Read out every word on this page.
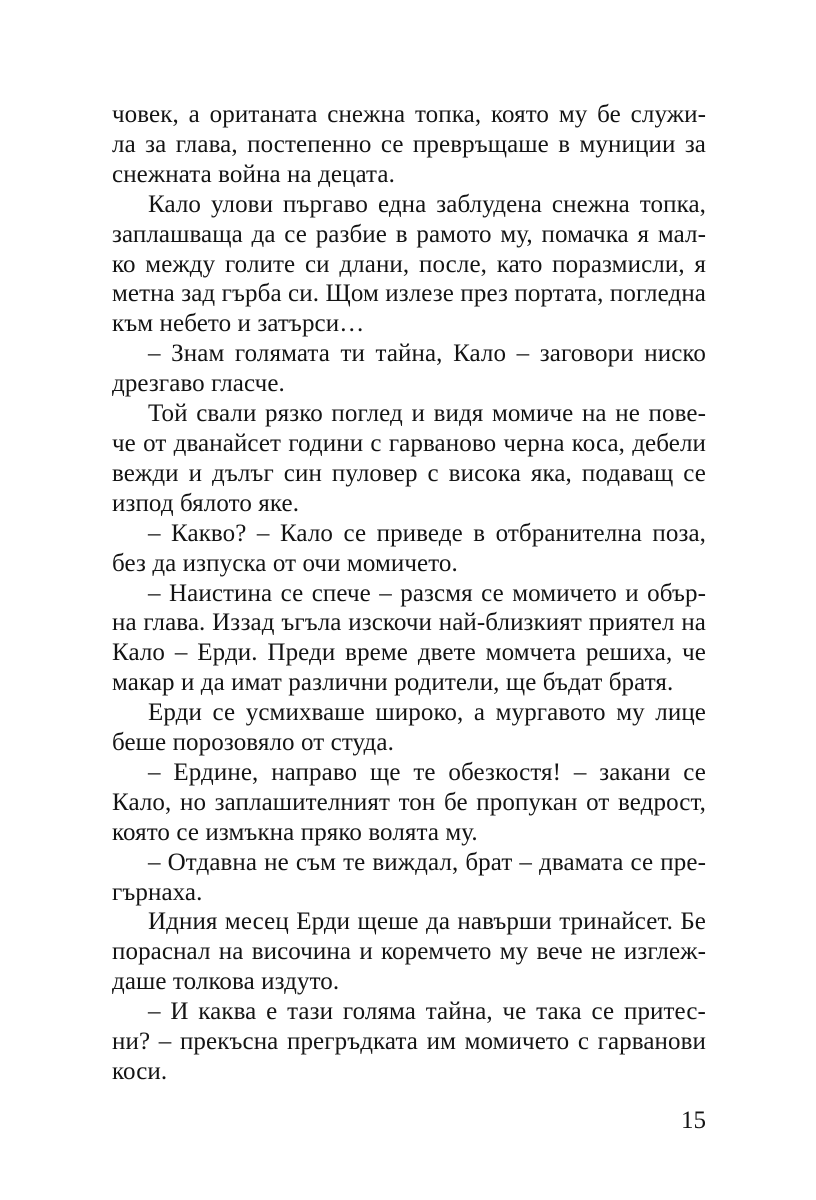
човек, а оританата снежна топка, която му бе служи-
ла за глава, постепенно се превръщаше в муниции за
снежната война на децата.
Кало улови пъргаво една заблудена снежна топка,
заплашваща да се разбие в рамото му, помачка я мал-
ко между голите си длани, после, като поразмисли, я
метна зад гърба си. Щом излезе през портата, погледна
към небето и затърси…
– Знам голямата ти тайна, Кало – заговори ниско
дрезгаво гласче.
Той свали рязко поглед и видя момиче на не пове-
че от дванайсет години с гарваново черна коса, дебели
вежди и дълъг син пуловер с висока яка, подаващ се
изпод бялото яке.
– Какво? – Кало се приведе в отбранителна поза,
без да изпуска от очи момичето.
– Наистина се спече – разсмя се момичето и обър-
на глава. Иззад ъгъла изскочи най-близкият приятел на
Кало – Ерди. Преди време двете момчета решиха, че
макар и да имат различни родители, ще бъдат братя.
Ерди се усмихваше широко, а мургавото му лице
беше порозовяло от студа.
– Ердине, направо ще те обезкостя! – закани се
Кало, но заплашителният тон бе пропукан от ведрост,
която се измъкна пряко волята му.
– Отдавна не съм те виждал, брат – двамата се пре-
гърнаха.
Идния месец Ерди щеше да навърши тринайсет. Бе
пораснал на височина и коремчето му вече не изглеж-
даше толкова издуто.
– И каква е тази голяма тайна, че така се притес-
ни? – прекъсна прегръдката им момичето с гарванови
коси.
15
